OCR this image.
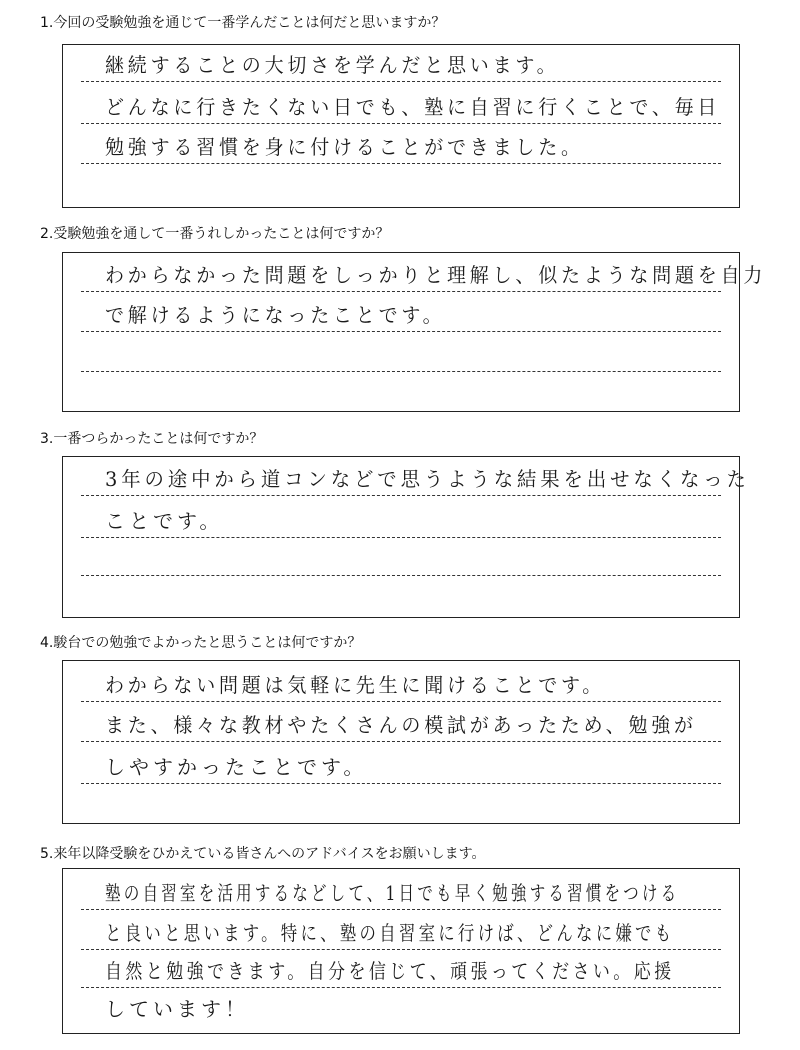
1.今回の受験勉強を通じて一番学んだことは何だと思いますか？
継続することの大切さを学んだと思います。
どんなに行きたくない日でも、塾に自習に行くことで、毎日
勉強する習慣を身に付けることができました。
2.受験勉強を通して一番うれしかったことは何ですか？
わからなかった問題をしっかりと理解し、似たような問題を自力
で解けるようになったことです。
3.一番つらかったことは何ですか？
3年の途中から道コンなどで思うような結果を出せなくなった
ことです。
4.駿台での勉強でよかったと思うことは何ですか？
わからない問題は気軽に先生に聞けることです。
また、様々な教材やたくさんの模試があったため、勉強が
しやすかったことです。
5.来年以降受験をひかえている皆さんへのアドバイスをお願いします。
塾の自習室を活用するなどして、1日でも早く勉強する習慣をつける
と良いと思います。特に、塾の自習室に行けば、どんなに嫌でも
自然と勉強できます。自分を信じて、頑張ってください。応援
しています！
